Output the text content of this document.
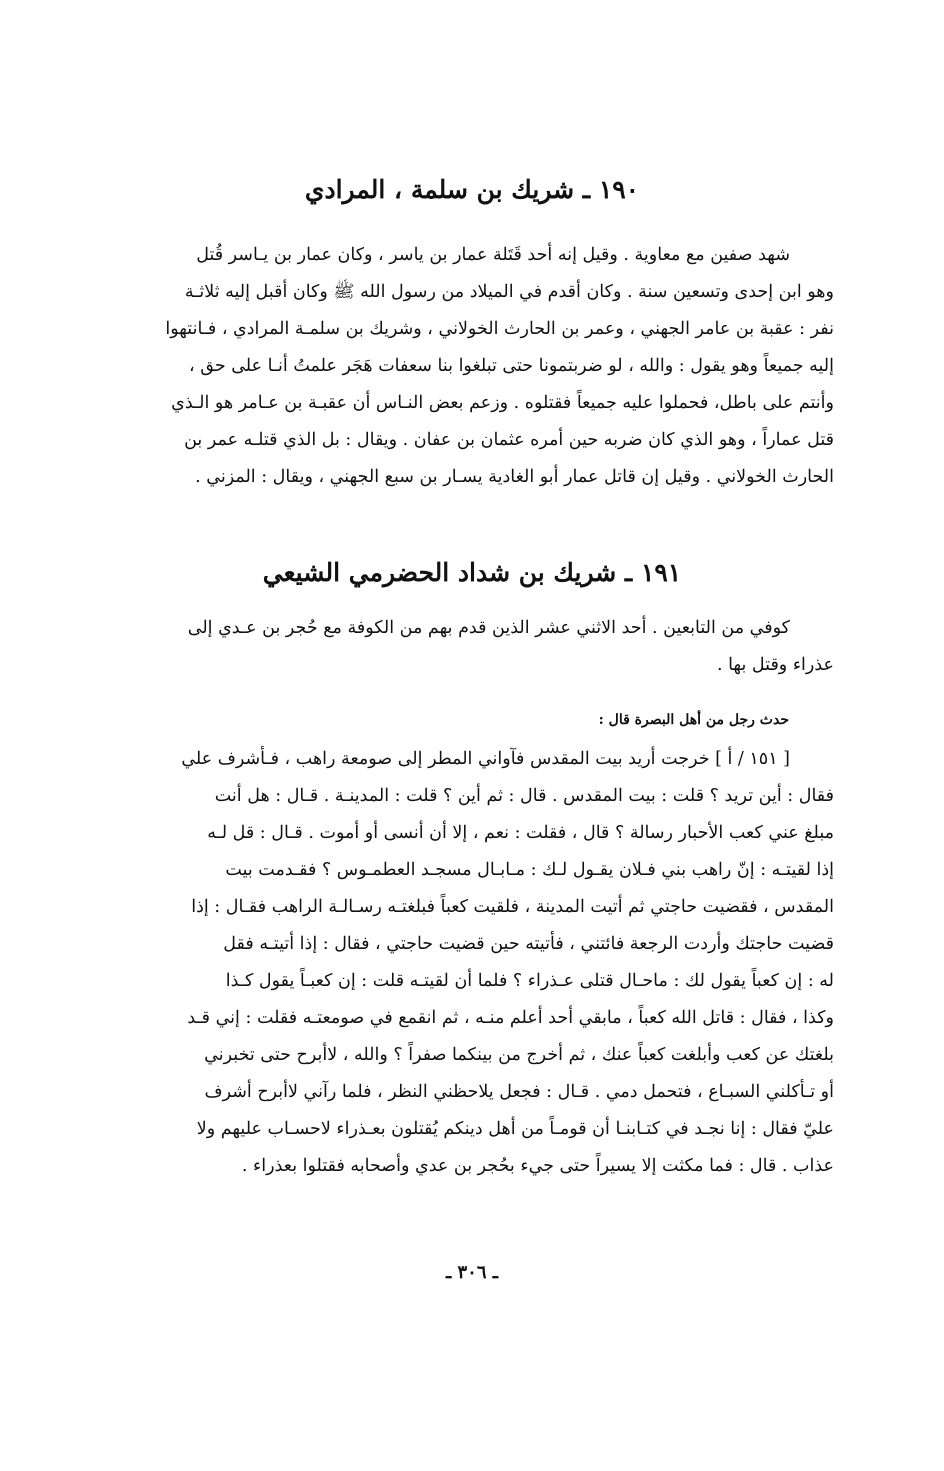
١٩٠ ـ شريك بن سلمة ، المرادي
شهد صفين مع معاوية . وقيل إنه أحد قَتَلة عمار بن ياسر ، وكان عمار بن يـاسر قُتل
وهو ابن إحدى وتسعين سنة . وكان أقدم في الميلاد من رسول الله ﷺ وكان أقبل إليه ثلاثـة
نفر : عقبة بن عامر الجهني ، وعمر بن الحارث الخولاني ، وشريك بن سلمـة المرادي ، فـانتهوا
إليه جميعاً وهو يقول : والله ، لو ضربتمونا حتى تبلغوا بنا سعفات هَجَر علمتُ أنـا على حق ،
وأنتم على باطل، فحملوا عليه جميعاً فقتلوه . وزعم بعض النـاس أن عقبـة بن عـامر هو الـذي
قتل عماراً ، وهو الذي كان ضربه حين أمره عثمان بن عفان . ويقال : بل الذي قتلـه عمر بن
الحارث الخولاني . وقيل إن قاتل عمار أبو الغادية يسـار بن سبع الجهني ، ويقال : المزني .
١٩١ ـ شريك بن شداد الحضرمي الشيعي
كوفي من التابعين . أحد الاثني عشر الذين قدم بهم من الكوفة مع حُجر بن عـدي إلى
عذراء وقتل بها .
حدث رجل من أهل البصرة قال :
[ ١٥١ / أ ] خرجت أريد بيت المقدس فآواني المطر إلى صومعة راهب ، فـأشرف علي
فقال : أين تريد ؟ قلت : بيت المقدس . قال : ثم أين ؟ قلت : المدينـة . قـال : هل أنت
مبلغ عني كعب الأحبار رسالة ؟ قال ، فقلت : نعم ، إلا أن أنسى أو أموت . قـال : قل لـه
إذا لقيتـه : إنّ راهب بني فـلان يقـول لـك : مـابـال مسجـد العطمـوس ؟ فقـدمت بيت
المقدس ، فقضيت حاجتي ثم أتيت المدينة ، فلقيت كعباً فبلغتـه رسـالـة الراهب فقـال : إذا
قضيت حاجتك وأردت الرجعة فائتني ، فأتيته حين قضيت حاجتي ، فقال : إذا أتيتـه فقل
له : إن كعباً يقول لك : ماحـال قتلى عـذراء ؟ فلما أن لقيتـه قلت : إن كعبـاً يقول كـذا
وكذا ، فقال : قاتل الله كعباً ، مابقي أحد أعلم منـه ، ثم انقمع في صومعتـه فقلت : إني قـد
بلغتك عن كعب وأبلغت كعباً عنك ، ثم أخرج من بينكما صفراً ؟ والله ، لاأبرح حتى تخبرني
أو تـأكلني السبـاع ، فتحمل دمي . قـال : فجعل يلاحظني النظر ، فلما رآني لاأبرح أشرف
عليّ فقال : إنا نجـد في كتـابنـا أن قومـاً من أهل دينكم يُقتلون بعـذراء لاحسـاب عليهم ولا
عذاب . قال : فما مكثت إلا يسيراً حتى جيء بحُجر بن عدي وأصحابه فقتلوا بعذراء .
ـ ٣٠٦ ـ
